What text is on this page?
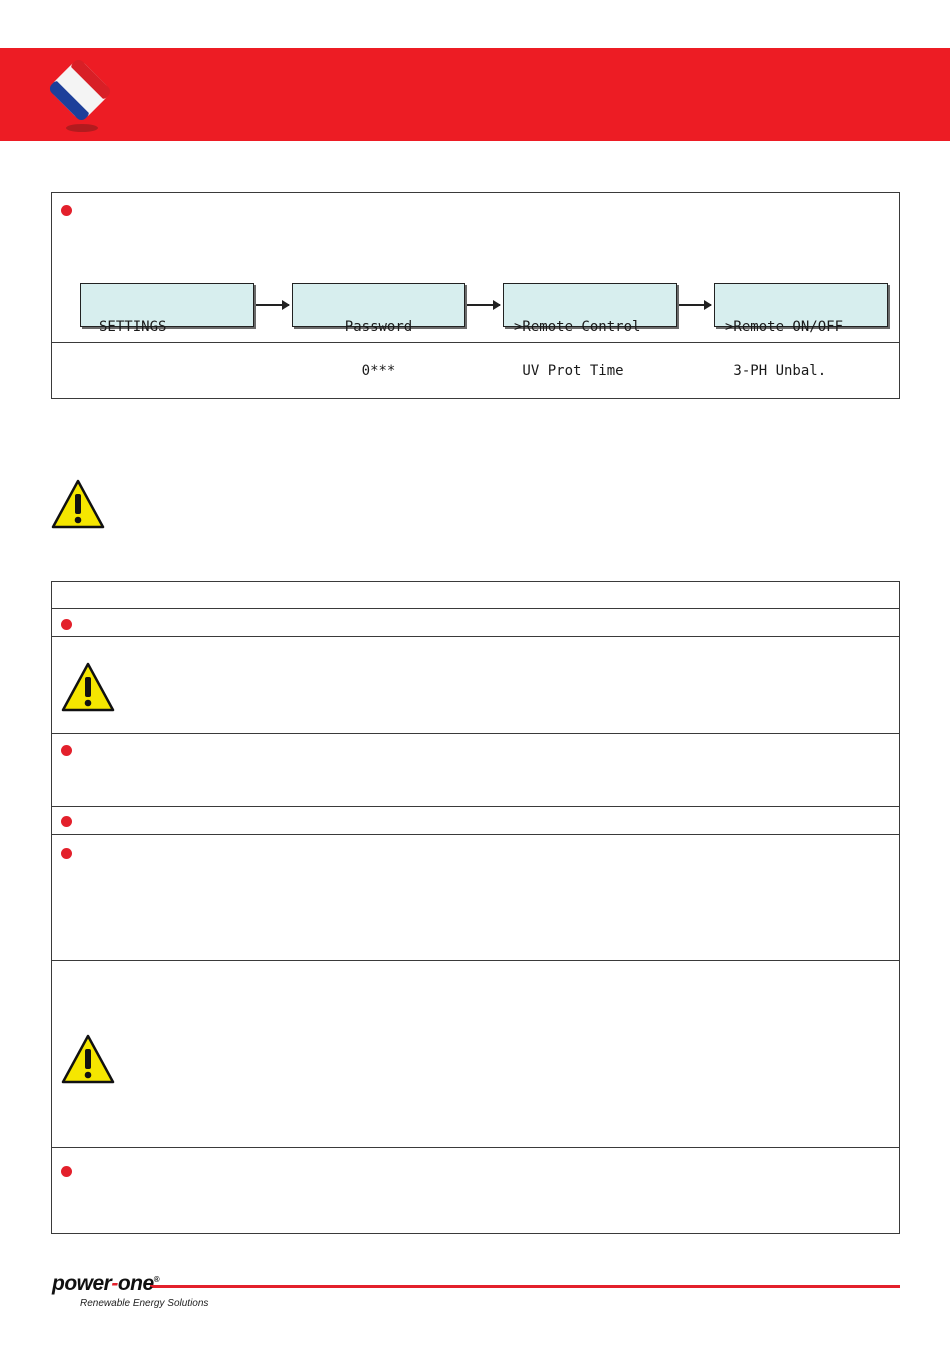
SETTINGS

	Password

0***

>Remote Control

UV Prot Time

>Remote ON/OFF

3-PH Unbal.

power-one®
Renewable Energy Solutions
